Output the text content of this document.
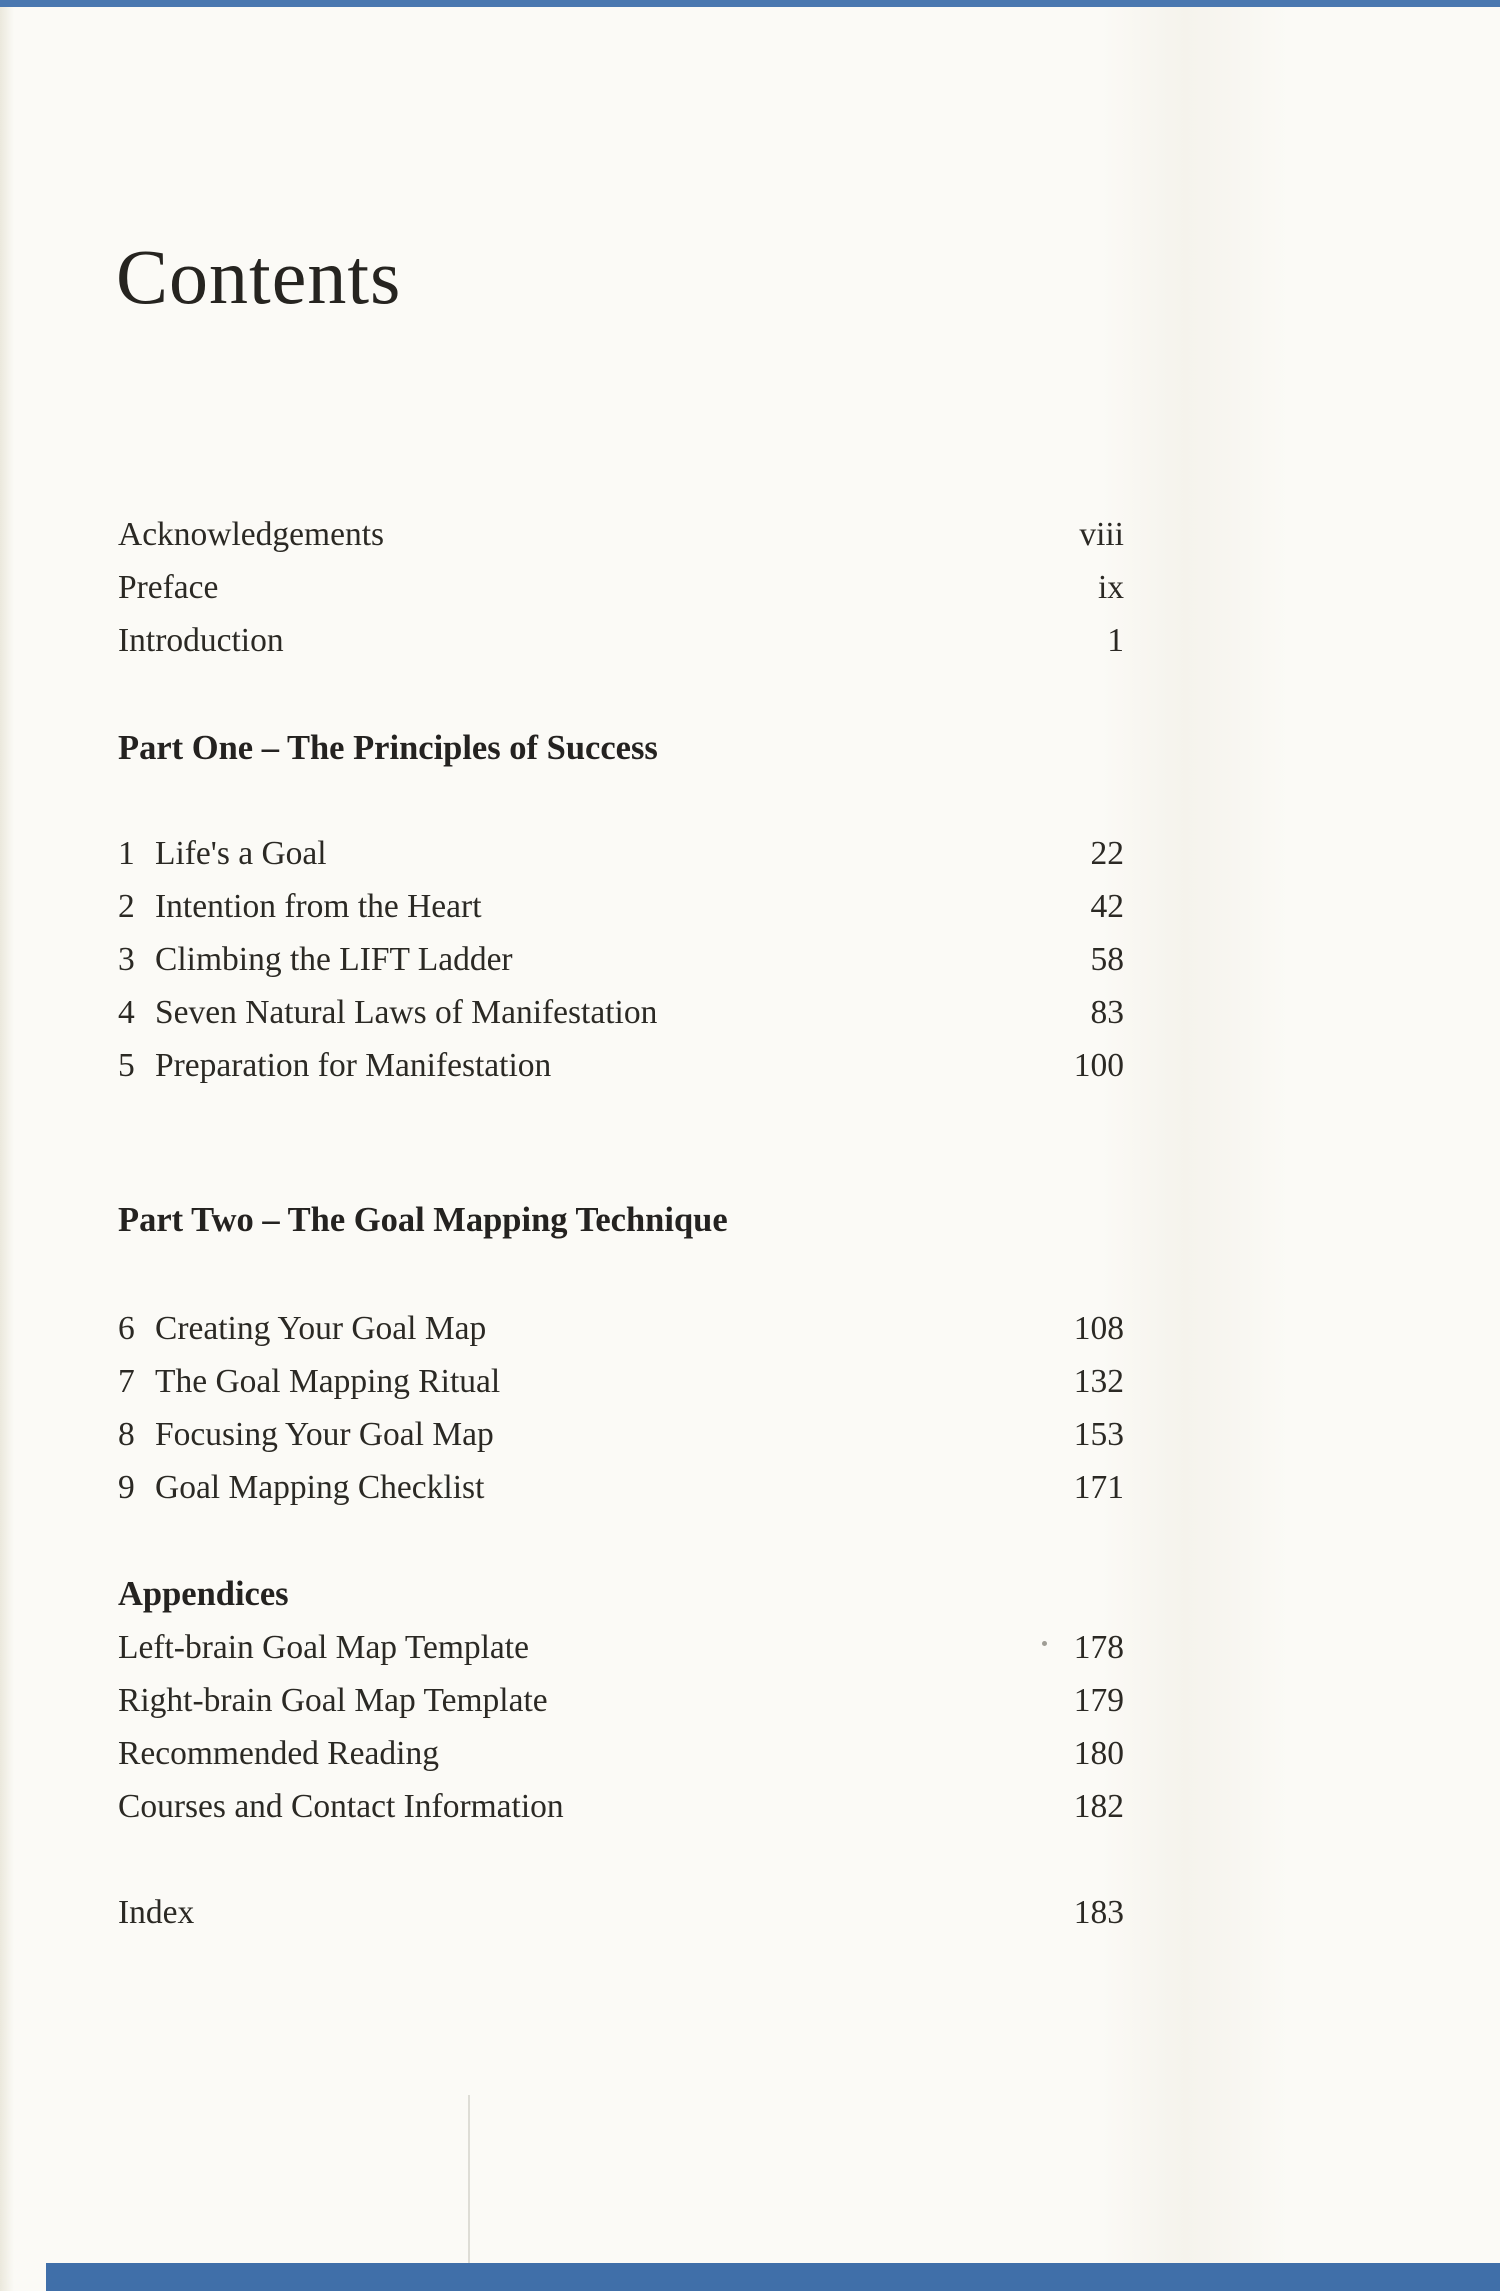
Contents
Acknowledgements	viii
Preface	ix
Introduction	1
Part One – The Principles of Success
1 Life's a Goal	22
2 Intention from the Heart	42
3 Climbing the LIFT Ladder	58
4 Seven Natural Laws of Manifestation	83
5 Preparation for Manifestation	100
Part Two – The Goal Mapping Technique
6 Creating Your Goal Map	108
7 The Goal Mapping Ritual	132
8 Focusing Your Goal Map	153
9 Goal Mapping Checklist	171
Appendices
Left-brain Goal Map Template	178
Right-brain Goal Map Template	179
Recommended Reading	180
Courses and Contact Information	182
Index	183
